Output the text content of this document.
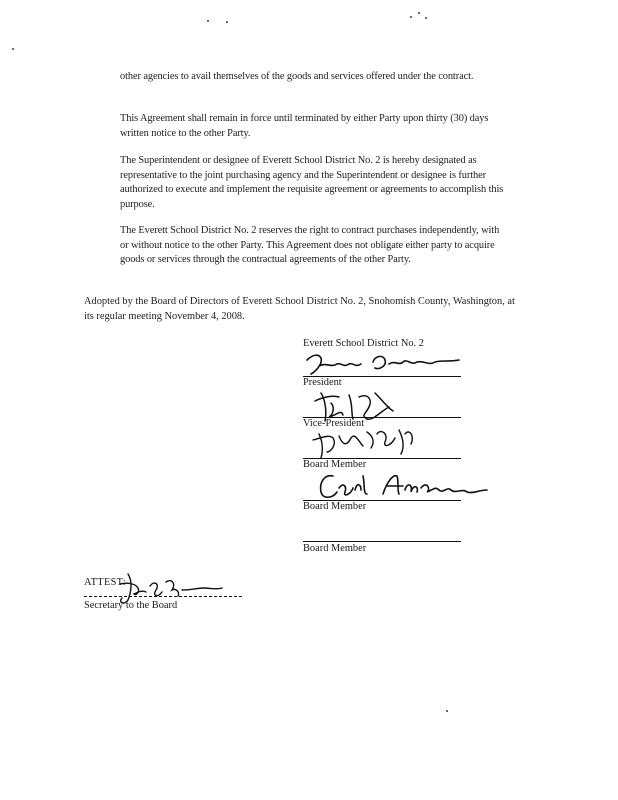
other agencies to avail themselves of the goods and services offered under the contract.

This Agreement shall remain in force until terminated by either Party upon thirty (30) days written notice to the other Party.

The Superintendent or designee of Everett School District No. 2 is hereby designated as representative to the joint purchasing agency and the Superintendent or designee is further authorized to execute and implement the requisite agreement or agreements to accomplish this purpose.

The Everett School District No. 2 reserves the right to contract purchases independently, with or without notice to the other Party. This Agreement does not obligate either party to acquire goods or services through the contractual agreements of the other Party.

Adopted by the Board of Directors of Everett School District No. 2, Snohomish County, Washington, at its regular meeting November 4, 2008.

Everett School District No. 2
President
Vice-President
Board Member
Board Member
Board Member
ATTEST:
Secretary to the Board
